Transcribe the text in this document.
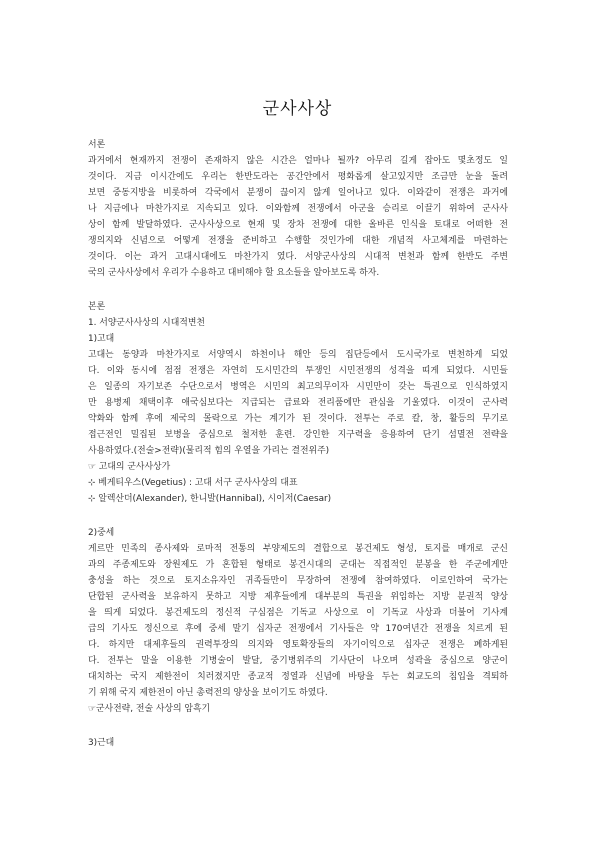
군사사상
서론
과거에서 현재까지 전쟁이 존재하지 않은 시간은 얼마나 될까? 아무리 길게 잡아도 몇초정도 일
것이다. 지금 이시간에도 우리는 한반도라는 공간안에서 평화롭게 살고있지만 조금만 눈을 돌려
보면 중동지방을 비롯하여 각국에서 분쟁이 끊이지 않게 일어나고 있다. 이와같이 전쟁은 과거에
나 지금에나 마찬가지로 지속되고 있다. 이와함께 전쟁에서 아군을 승리로 이끌기 위하여 군사사
상이 함께 발달하였다. 군사사상으로 현재 및 장차 전쟁에 대한 올바른 인식을 토대로 어떠한 전
쟁의지와 신념으로 어떻게 전쟁을 준비하고 수행할 것인가에 대한 개념적 사고체계를 마련하는
것이다. 이는 과거 고대시대에도 마찬가지 였다. 서양군사상의 시대적 변천과 함께 한반도 주변
국의 군사사상에서 우리가 수용하고 대비해야 할 요소들을 알아보도록 하자.
본론
1. 서양군사사상의 시대적변천
1)고대
고대는 동양과 마찬가지로 서양역시 하천이나 해안 등의 집단등에서 도시국가로 변천하게 되었
다. 이와 동시에 점점 전쟁은 자연히 도시민간의 투쟁인 시민전쟁의 성격을 띠게 되었다. 시민들
은 일종의 자기보존 수단으로서 병역은 시민의 최고의무이자 시민만이 갖는 특권으로 인식하였지
만 용병제 채택이후 애국심보다는 지급되는 급료와 전리품에만 관심을 기울였다. 이것이 군사력
약화와 함께 후에 제국의 몰락으로 가는 계기가 된 것이다. 전투는 주로 칼, 창, 활등의 무기로
접근전인 밀집된 보병을 중심으로 철저한 훈련. 강인한 지구력을 응용하여 단기 섬멸전 전략을
사용하였다.(전술>전략)(물리적 힘의 우열을 가리는 결전위주)
☞ 고대의 군사사상가
⊹ 베게티우스(Vegetius) : 고대 서구 군사사상의 대표
⊹ 알렉산더(Alexander), 한니발(Hannibal), 시이저(Caesar)
2)중세
게르만 민족의 종사제와 로마적 전통의 부양제도의 결합으로 봉건제도 형성, 토지를 매개로 군신
과의 주종제도와 장원제도 가 혼합된 형태로 봉건시대의 군대는 직접적인 분봉을 한 주군에게만
충성을 하는 것으로 토지소유자인 귀족들만이 무장하여 전쟁에 참여하였다. 이로인하여 국가는
단합된 군사력을 보유하지 못하고 지방 제후들에게 대부분의 특권을 위임하는 지방 분권적 양상
을 띄게 되었다. 봉건제도의 정신적 구심점은 기독교 사상으로 이 기독교 사상과 더불어 기사계
급의 기사도 정신으로 후에 중세 말기 십자군 전쟁에서 기사들은 약 170여년간 전쟁을 치르게 된
다. 하지만 대제후들의 권력투장의 의지와 영토확장들의 자기이익으로 십자군 전쟁은 폐하게된
다. 전투는 말을 이용한 기병술이 발달, 중기병위주의 기사단이 나오며 성곽을 중심으로 양군이
대치하는 국지 제한전이 치러졌지만 종교적 정열과 신념에 바탕을 두는 회교도의 침입을 격퇴하
기 위해 국지 제한전이 아닌 총력전의 양상을 보이기도 하였다.
☞군사전략, 전술 사상의 암흑기
3)근대
